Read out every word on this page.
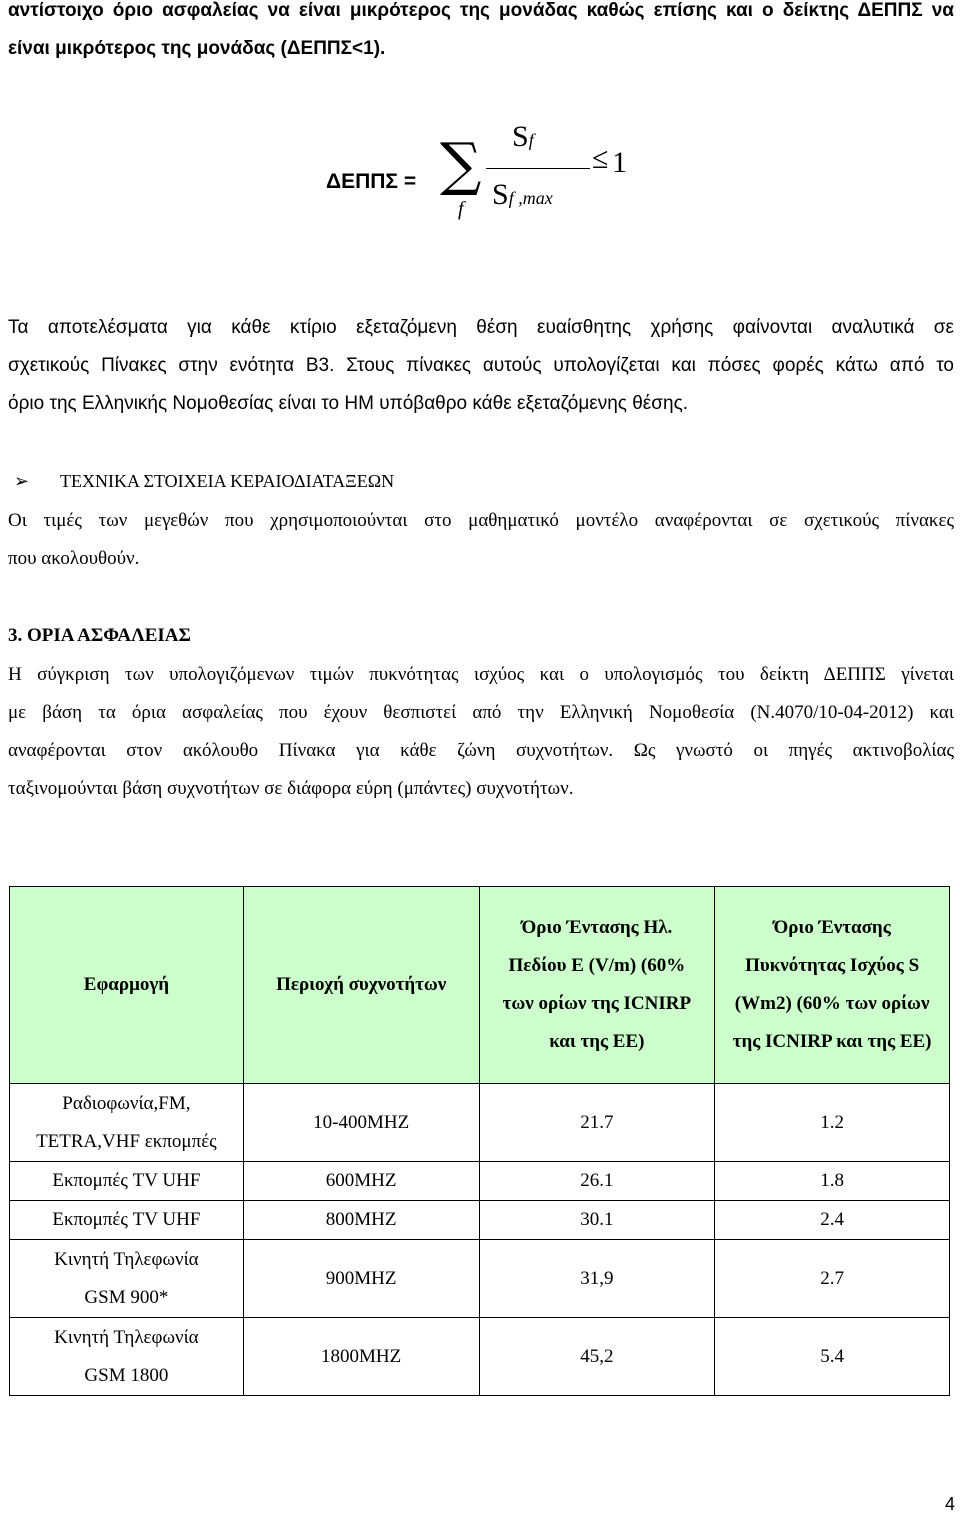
αντίστοιχο όριο ασφαλείας να είναι μικρότερος της μονάδας καθώς επίσης και ο δείκτης ΔΕΠΠΣ να
είναι μικρότερος της μονάδας (ΔΕΠΠΣ<1).
ΔΕΠΠΣ = ∑
f
Sf
Sf ,max
≤ 1
Τα αποτελέσματα για κάθε κτίριο εξεταζόμενη θέση ευαίσθητης χρήσης φαίνονται αναλυτικά σε
σχετικούς Πίνακες στην ενότητα Β3. Στους πίνακες αυτούς υπολογίζεται και πόσες φορές κάτω από το
όριο της Ελληνικής Νομοθεσίας είναι το ΗΜ υπόβαθρο κάθε εξεταζόμενης θέσης.
➢ ΤΕΧΝΙΚΑ ΣΤΟΙΧΕΙΑ ΚΕΡΑΙΟΔΙΑΤΑΞΕΩΝ
Οι τιμές των μεγεθών που χρησιμοποιούνται στο μαθηματικό μοντέλο αναφέρονται σε σχετικούς πίνακες
που ακολουθούν.
3. ΟΡΙΑ ΑΣΦΑΛΕΙΑΣ
Η σύγκριση των υπολογιζόμενων τιμών πυκνότητας ισχύος και ο υπολογισμός του δείκτη ΔΕΠΠΣ γίνεται
με βάση τα όρια ασφαλείας που έχουν θεσπιστεί από την Ελληνική Νομοθεσία (Ν.4070/10-04-2012) και
αναφέρονται στον ακόλουθο Πίνακα για κάθε ζώνη συχνοτήτων. Ως γνωστό οι πηγές ακτινοβολίας
ταξινομούνται βάση συχνοτήτων σε διάφορα εύρη (μπάντες) συχνοτήτων.
Εφαρμογή	Περιοχή συχνοτήτων	Όριο Έντασης Ηλ. Πεδίου Ε (V/m) (60% των ορίων της ICNIRP και της ΕΕ)	Όριο Έντασης Πυκνότητας Ισχύος S (Wm2) (60% των ορίων της ICNIRP και της ΕΕ)
Ραδιοφωνία,FM, TETRA,VHF εκπομπές	10-400MHZ	21.7	1.2
Εκπομπές TV UHF	600MHZ	26.1	1.8
Εκπομπές TV UHF	800MHZ	30.1	2.4
Κινητή Τηλεφωνία GSM 900*	900MHZ	31,9	2.7
Κινητή Τηλεφωνία GSM 1800	1800MHZ	45,2	5.4
4
